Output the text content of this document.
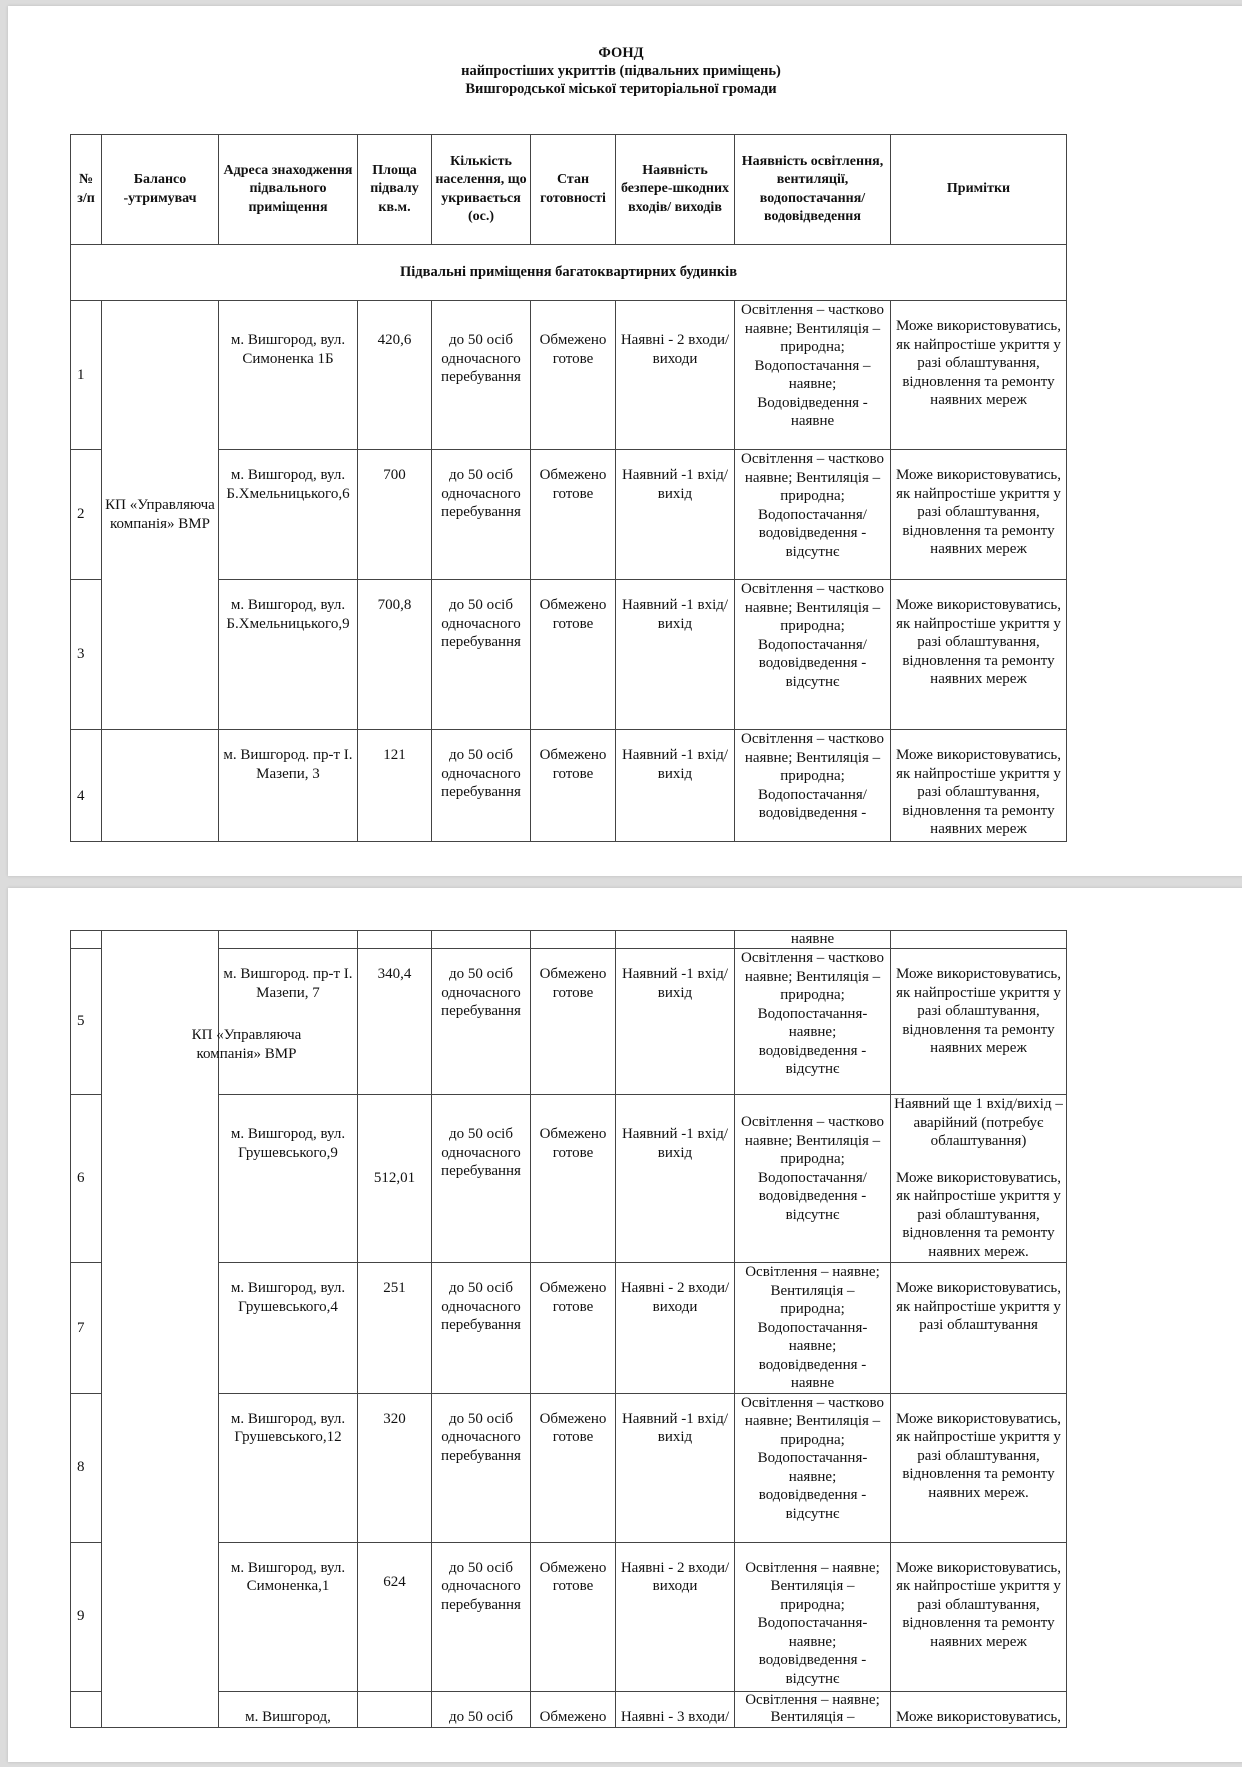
ФОНД
найпростіших укриттів (підвальних приміщень)
Вишгородської міської територіальної громади
№ з/п	Балансо -утримувач	Адреса знаходження підвального приміщення	Площа підвалу кв.м.	Кількість населення, що укривається (ос.)	Стан готовності	Наявність безпере-шкодних входів/ виходів	Наявність освітлення, вентиляції, водопостачання/ водовідведення	Примітки
Підвальні приміщення багатоквартирних будинків								
1		м. Вишгород, вул. Симоненка 1Б	420,6	до 50 осіб одночасного перебування	Обмежено готове	Наявні - 2 входи/ виходи	Освітлення – частково наявне; Вентиляція – природна; Водопостачання – наявне; Водовідведення - наявне	Може використовуватись, як найпростіше укриття у разі облаштування, відновлення та ремонту наявних мереж
2	КП «Управляюча компанія» ВМР	м. Вишгород, вул. Б.Хмельницького,6	700	до 50 осіб одночасного перебування	Обмежено готове	Наявний -1 вхід/вихід	Освітлення – частково наявне; Вентиляція – природна; Водопостачання/ водовідведення - відсутнє	Може використовуватись, як найпростіше укриття у разі облаштування, відновлення та ремонту наявних мереж
3		м. Вишгород, вул. Б.Хмельницького,9	700,8	до 50 осіб одночасного перебування	Обмежено готове	Наявний -1 вхід/вихід	Освітлення – частково наявне; Вентиляція – природна; Водопостачання/ водовідведення - відсутнє	Може використовуватись, як найпростіше укриття у разі облаштування, відновлення та ремонту наявних мереж
4		м. Вишгород. пр-т І. Мазепи, 3	121	до 50 осіб одночасного перебування	Обмежено готове	Наявний -1 вхід/вихід	Освітлення – частково наявне; Вентиляція – природна; Водопостачання/ водовідведення -	Може використовуватись, як найпростіше укриття у разі облаштування, відновлення та ремонту наявних мереж
							наявне	
5		м. Вишгород. пр-т І. Мазепи, 7	340,4	до 50 осіб одночасного перебування	Обмежено готове	Наявний -1 вхід/вихід	Освітлення – частково наявне; Вентиляція – природна; Водопостачання- наявне; водовідведення - відсутнє	Може використовуватись, як найпростіше укриття у разі облаштування, відновлення та ремонту наявних мереж
6		м. Вишгород, вул. Грушевського,9	512,01	до 50 осіб одночасного перебування	Обмежено готове	Наявний -1 вхід/вихід	Освітлення – частково наявне; Вентиляція – природна; Водопостачання/ водовідведення - відсутнє	Наявний ще 1 вхід/вихід – аварійний (потребує облаштування)
Може використовуватись, як найпростіше укриття у разі облаштування, відновлення та ремонту наявних мереж.

7		м. Вишгород, вул. Грушевського,4	251	до 50 осіб одночасного перебування	Обмежено готове	Наявні - 2 входи/ виходи	Освітлення – наявне; Вентиляція – природна; Водопостачання- наявне; водовідведення - наявне	Може використовуватись, як найпростіше укриття у разі облаштування
8		м. Вишгород, вул. Грушевського,12	320	до 50 осіб одночасного перебування	Обмежено готове	Наявний -1 вхід/вихід	Освітлення – частково наявне; Вентиляція – природна; Водопостачання- наявне; водовідведення - відсутнє	Може використовуватись, як найпростіше укриття у разі облаштування, відновлення та ремонту наявних мереж.
9		м. Вишгород, вул. Симоненка,1	624	до 50 осіб одночасного перебування	Обмежено готове	Наявні - 2 входи/ виходи	Освітлення – наявне; Вентиляція – природна; Водопостачання- наявне; водовідведення - відсутнє	Може використовуватись, як найпростіше укриття у разі облаштування, відновлення та ремонту наявних мереж
		м. Вишгород,		до 50 осіб	Обмежено	Наявні - 3 входи/	Освітлення – наявне; Вентиляція –	Може використовуватись,
КП «Управляюча компанія» ВМР
